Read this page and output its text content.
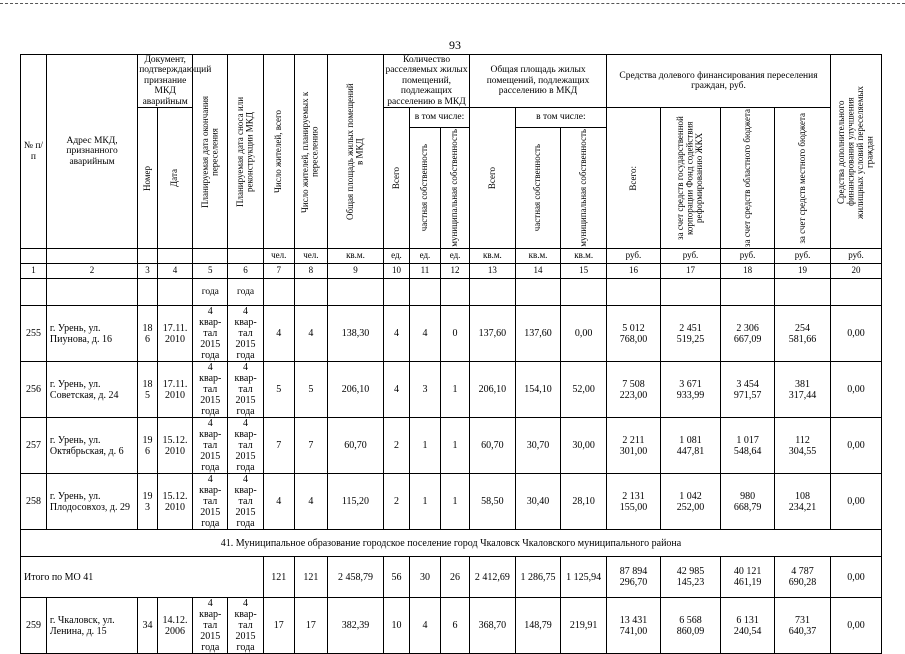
93
№ п/п	Адрес МКД, признанного аварийным	Документ, подтверждающий признание МКД аварийным		Планируемая дата окончания переселения	Планируемая дата сноса или реконструкции МКД	Число жителей, всего	Число жителей, планируемых к переселению	Общая площадь жилых помещений в МКД	Количество расселяемых жилых помещений, подлежащих расселению в МКД			Общая площадь жилых помещений, подлежащих расселению в МКД			Средства долевого финансирования переселения граждан, руб.				Средства дополнительного финансирования улучшения жилищных условий переселяемых граждан

		Номер	Дата						Всего	в том числе:		Всего	в том числе:		Всего:	за счет средств государственной корпорации Фонд содействия реформированию ЖКХ	за счет средств областного бюджета	за счет средств местного бюджета	

										частная собственность	муниципальная собственность		частная собственность	муниципальная собственность					

						чел.	чел.	кв.м.	ед.	ед.	ед.	кв.м.	кв.м.	кв.м.	руб.	руб.	руб.	руб.	руб.
1	2	3	4	5	6	7	8	9	10	11	12	13	14	15	16	17	18	19	20
				года	года														
255	г. Урень, ул. Пиунова, д. 16	18
6	17.11.
2010	4
квар-
тал
2015
года	4
квар-
тал
2015
года	4	4	138,30	4	4	0	137,60	137,60	0,00	5 012
768,00	2 451
519,25	2 306
667,09	254
581,66	0,00
256	г. Урень, ул. Советская, д. 24	18
5	17.11.
2010	4
квар-
тал
2015
года	4
квар-
тал
2015
года	5	5	206,10	4	3	1	206,10	154,10	52,00	7 508
223,00	3 671
933,99	3 454
971,57	381
317,44	0,00
257	г. Урень, ул. Октябрьская, д. 6	19
6	15.12.
2010	4
квар-
тал
2015
года	4
квар-
тал
2015
года	7	7	60,70	2	1	1	60,70	30,70	30,00	2 211
301,00	1 081
447,81	1 017
548,64	112
304,55	0,00
258	г. Урень, ул. Плодосовхоз, д. 29	19
3	15.12.
2010	4
квар-
тал
2015
года	4
квар-
тал
2015
года	4	4	115,20	2	1	1	58,50	30,40	28,10	2 131
155,00	1 042
252,00	980
668,79	108
234,21	0,00
41. Муниципальное образование городское поселение город Чкаловск Чкаловского муниципального района																			
Итого по МО 41						121	121	2 458,79	56	30	26	2 412,69	1 286,75	1 125,94	87 894
296,70	42 985
145,23	40 121
461,19	4 787
690,28	0,00
259	г. Чкаловск, ул. Ленина, д. 15	34	14.12.
2006	4
квар-
тал
2015
года	4
квар-
тал
2015
года	17	17	382,39	10	4	6	368,70	148,79	219,91	13 431
741,00	6 568
860,09	6 131
240,54	731
640,37	0,00
